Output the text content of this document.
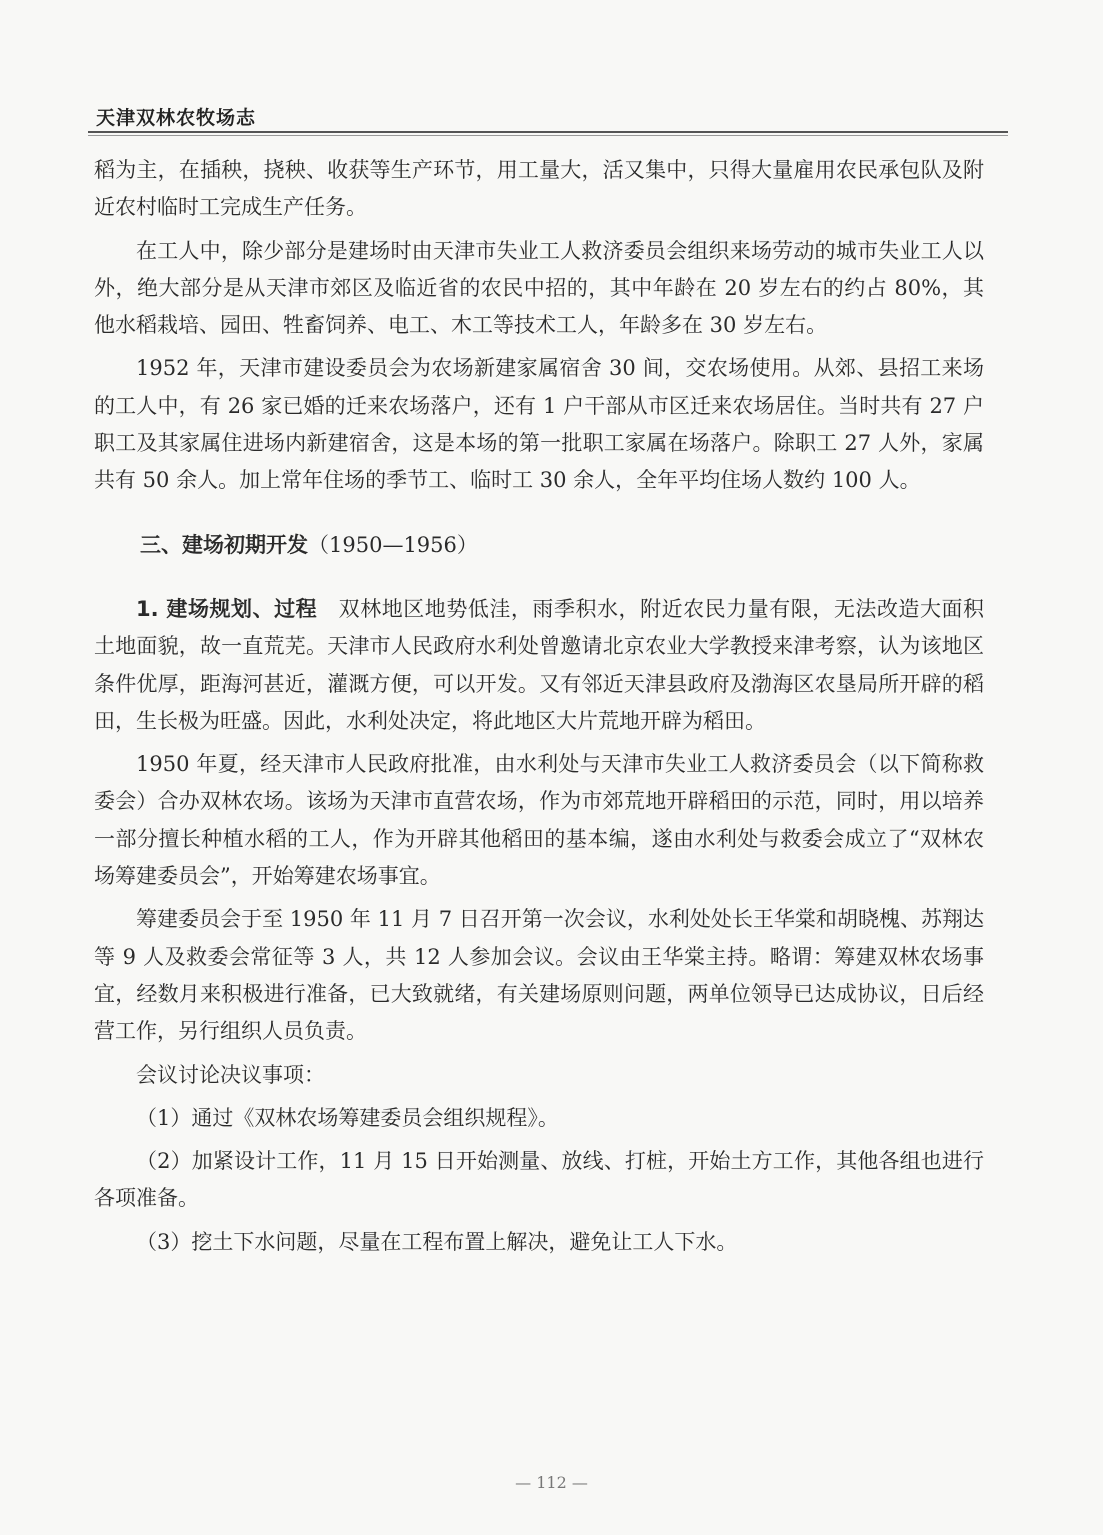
天津双林农牧场志

稻为主，在插秧，挠秧、收获等生产环节，用工量大，活又集中，只得大量雇用农民承包队及附近农村临时工完成生产任务。

在工人中，除少部分是建场时由天津市失业工人救济委员会组织来场劳动的城市失业工人以外，绝大部分是从天津市郊区及临近省的农民中招的，其中年龄在 20 岁左右的约占 80%，其他水稻栽培、园田、牲畜饲养、电工、木工等技术工人，年龄多在 30 岁左右。

1952 年，天津市建设委员会为农场新建家属宿舍 30 间，交农场使用。从郊、县招工来场的工人中，有 26 家已婚的迁来农场落户，还有 1 户干部从市区迁来农场居住。当时共有 27 户职工及其家属住进场内新建宿舍，这是本场的第一批职工家属在场落户。除职工 27 人外，家属共有 50 余人。加上常年住场的季节工、临时工 30 余人，全年平均住场人数约 100 人。

三、建场初期开发（1950—1956）

1. 建场规划、过程　 双林地区地势低洼，雨季积水，附近农民力量有限，无法改造大面积土地面貌，故一直荒芜。天津市人民政府水利处曾邀请北京农业大学教授来津考察，认为该地区条件优厚，距海河甚近，灌溉方便，可以开发。又有邻近天津县政府及渤海区农垦局所开辟的稻田，生长极为旺盛。因此，水利处决定，将此地区大片荒地开辟为稻田。

1950 年夏，经天津市人民政府批准，由水利处与天津市失业工人救济委员会（以下简称救委会）合办双林农场。该场为天津市直营农场，作为市郊荒地开辟稻田的示范，同时，用以培养一部分擅长种植水稻的工人，作为开辟其他稻田的基本编，遂由水利处与救委会成立了“双林农场筹建委员会”，开始筹建农场事宜。

筹建委员会于至 1950 年 11 月 7 日召开第一次会议，水利处处长王华棠和胡晓槐、苏翔达等 9 人及救委会常征等 3 人，共 12 人参加会议。会议由王华棠主持。略谓：筹建双林农场事宜，经数月来积极进行准备，已大致就绪，有关建场原则问题，两单位领导已达成协议，日后经营工作，另行组织人员负责。

会议讨论决议事项：

（1）通过《双林农场筹建委员会组织规程》。

（2）加紧设计工作，11 月 15 日开始测量、放线、打桩，开始土方工作，其他各组也进行各项准备。

（3）挖土下水问题，尽量在工程布置上解决，避免让工人下水。

— 112 —
